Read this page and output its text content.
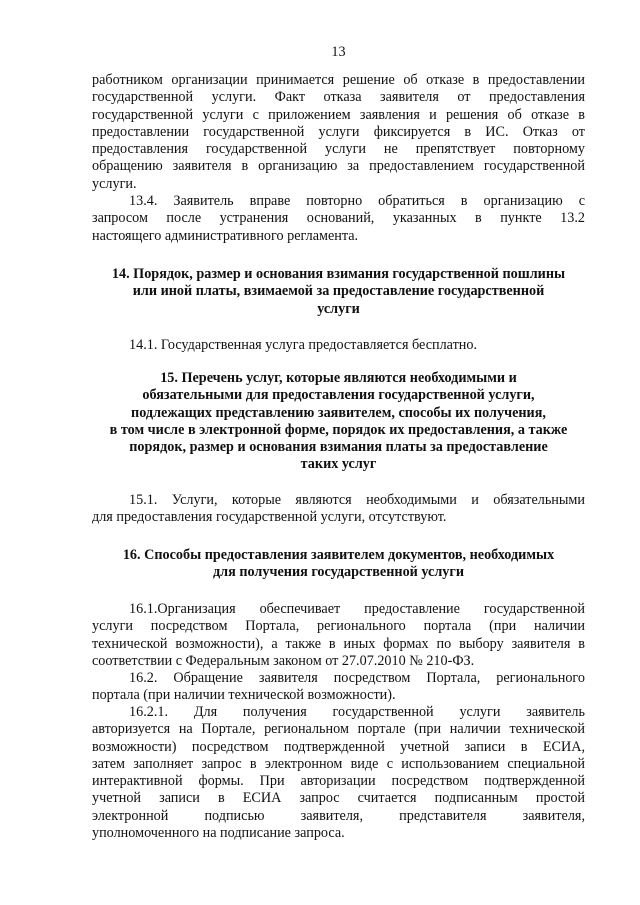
13
работником организации принимается решение об отказе в предоставлении
государственной услуги. Факт отказа заявителя от предоставления
государственной услуги с приложением заявления и решения об отказе в
предоставлении государственной услуги фиксируется в ИС. Отказ от
предоставления государственной услуги не препятствует повторному
обращению заявителя в организацию за предоставлением государственной
услуги.
13.4. Заявитель вправе повторно обратиться в организацию с
запросом после устранения оснований, указанных в пункте 13.2
настоящего административного регламента.
14. Порядок, размер и основания взимания государственной пошлины
или иной платы, взимаемой за предоставление государственной
услуги
14.1. Государственная услуга предоставляется бесплатно.
15. Перечень услуг, которые являются необходимыми и
обязательными для предоставления государственной услуги,
подлежащих представлению заявителем, способы их получения,
в том числе в электронной форме, порядок их предоставления, а также
порядок, размер и основания взимания платы за предоставление
таких услуг
15.1. Услуги, которые являются необходимыми и обязательными
для предоставления государственной услуги, отсутствуют.
16. Способы предоставления заявителем документов, необходимых
для получения государственной услуги
16.1.Организация обеспечивает предоставление государственной
услуги посредством Портала, регионального портала (при наличии
технической возможности), а также в иных формах по выбору заявителя в
соответствии с Федеральным законом от 27.07.2010 № 210-ФЗ.
16.2. Обращение заявителя посредством Портала, регионального
портала (при наличии технической возможности).
16.2.1. Для получения государственной услуги заявитель
авторизуется на Портале, региональном портале (при наличии технической
возможности) посредством подтвержденной учетной записи в ЕСИА,
затем заполняет запрос в электронном виде с использованием специальной
интерактивной формы. При авторизации посредством подтвержденной
учетной записи в ЕСИА запрос считается подписанным простой
электронной подписью заявителя, представителя заявителя,
уполномоченного на подписание запроса.
